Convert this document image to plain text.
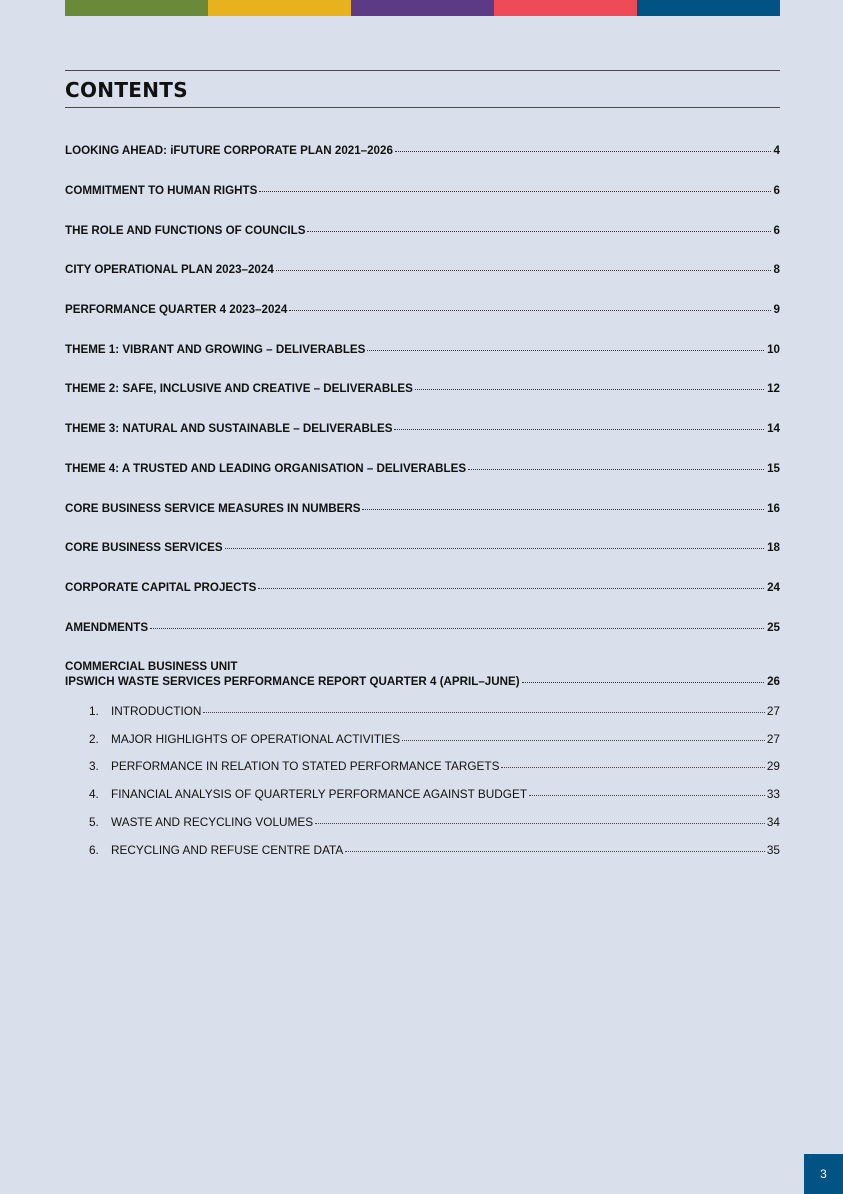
CONTENTS
LOOKING AHEAD: iFUTURE CORPORATE PLAN 2021–2026	4
COMMITMENT TO HUMAN RIGHTS	6
THE ROLE AND FUNCTIONS OF COUNCILS	6
CITY OPERATIONAL PLAN 2023–2024	8
PERFORMANCE QUARTER 4 2023–2024	9
THEME 1: VIBRANT AND GROWING – DELIVERABLES	10
THEME 2: SAFE, INCLUSIVE AND CREATIVE – DELIVERABLES	12
THEME 3: NATURAL AND SUSTAINABLE – DELIVERABLES	14
THEME 4: A TRUSTED AND LEADING ORGANISATION – DELIVERABLES	15
CORE BUSINESS SERVICE MEASURES IN NUMBERS	16
CORE BUSINESS SERVICES	18
CORPORATE CAPITAL PROJECTS	24
AMENDMENTS	25
COMMERCIAL BUSINESS UNIT
IPSWICH WASTE SERVICES PERFORMANCE REPORT QUARTER 4 (APRIL–JUNE)	26
1.	INTRODUCTION	27
2.	MAJOR HIGHLIGHTS OF OPERATIONAL ACTIVITIES	27
3.	PERFORMANCE IN RELATION TO STATED PERFORMANCE TARGETS	29
4.	FINANCIAL ANALYSIS OF QUARTERLY PERFORMANCE AGAINST BUDGET	33
5.	WASTE AND RECYCLING VOLUMES	34
6.	RECYCLING AND REFUSE CENTRE DATA	35
3
